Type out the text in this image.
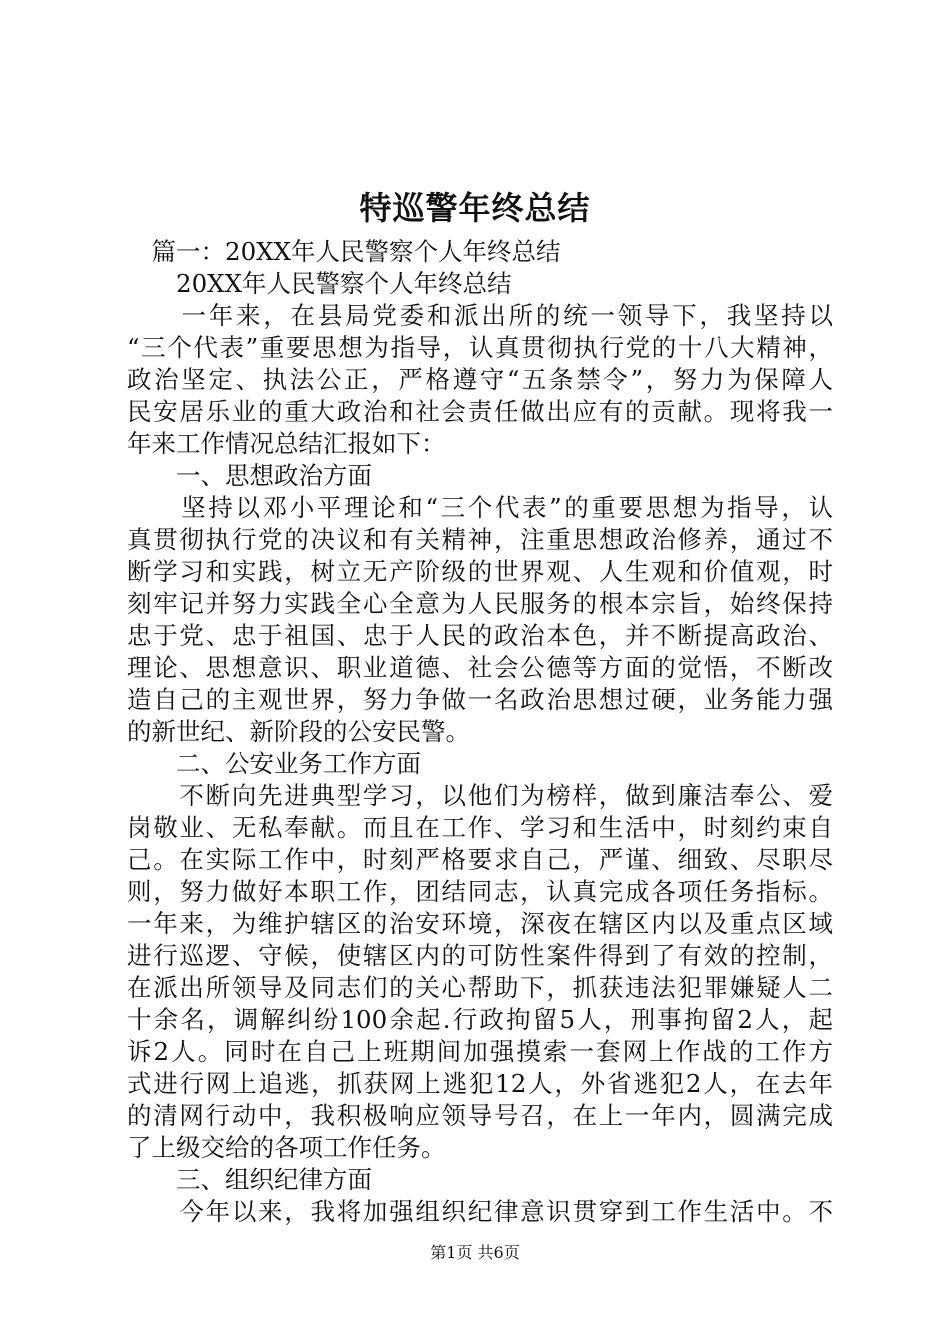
特巡警年终总结
　篇一：20XX年人民警察个人年终总结
　　20XX年人民警察个人年终总结
　　一年来，在县局党委和派出所的统一领导下，我坚持以
“三个代表”重要思想为指导，认真贯彻执行党的十八大精神，
政治坚定、执法公正，严格遵守“五条禁令”，努力为保障人
民安居乐业的重大政治和社会责任做出应有的贡献。现将我一
年来工作情况总结汇报如下：
　　一、思想政治方面
　　坚持以邓小平理论和“三个代表”的重要思想为指导，认
真贯彻执行党的决议和有关精神，注重思想政治修养，通过不
断学习和实践，树立无产阶级的世界观、人生观和价值观，时
刻牢记并努力实践全心全意为人民服务的根本宗旨，始终保持
忠于党、忠于祖国、忠于人民的政治本色，并不断提高政治、
理论、思想意识、职业道德、社会公德等方面的觉悟，不断改
造自己的主观世界，努力争做一名政治思想过硬，业务能力强
的新世纪、新阶段的公安民警。
　　二、公安业务工作方面
　　不断向先进典型学习，以他们为榜样，做到廉洁奉公、爱
岗敬业、无私奉献。而且在工作、学习和生活中，时刻约束自
己。在实际工作中，时刻严格要求自己，严谨、细致、尽职尽
则，努力做好本职工作，团结同志，认真完成各项任务指标。
一年来，为维护辖区的治安环境，深夜在辖区内以及重点区域
进行巡逻、守候，使辖区内的可防性案件得到了有效的控制，
在派出所领导及同志们的关心帮助下，抓获违法犯罪嫌疑人二
十余名，调解纠纷100余起.行政拘留5人，刑事拘留2人，起
诉2人。同时在自己上班期间加强摸索一套网上作战的工作方
式进行网上追逃，抓获网上逃犯12人，外省逃犯2人，在去年
的清网行动中，我积极响应领导号召，在上一年内，圆满完成
了上级交给的各项工作任务。
　　三、组织纪律方面
　　今年以来，我将加强组织纪律意识贯穿到工作生活中。不
第1页 共6页
